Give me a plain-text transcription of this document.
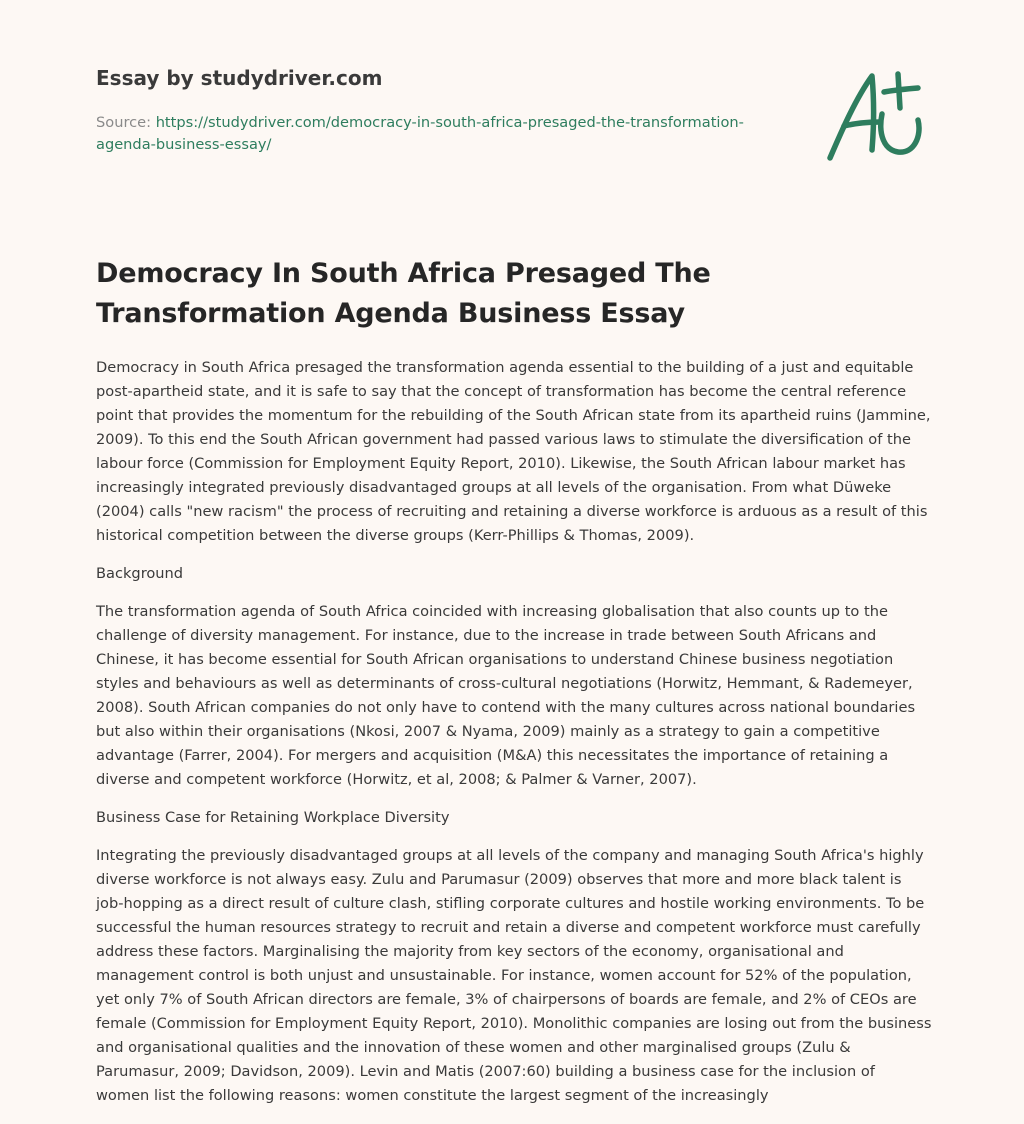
Essay by studydriver.com
Source: https://studydriver.com/democracy-in-south-africa-presaged-the-transformation-
agenda-business-essay/
Democracy In South Africa Presaged The Transformation Agenda Business Essay

Democracy in South Africa presaged the transformation agenda essential to the building of a just and equitable post-apartheid state, and it is safe to say that the concept of transformation has become the central reference point that provides the momentum for the rebuilding of the South African state from its apartheid ruins (Jammine, 2009). To this end the South African government had passed various laws to stimulate the diversification of the labour force (Commission for Employment Equity Report, 2010). Likewise, the South African labour market has increasingly integrated previously disadvantaged groups at all levels of the organisation. From what Düweke (2004) calls "new racism" the process of recruiting and retaining a diverse workforce is arduous as a result of this historical competition between the diverse groups (Kerr-Phillips & Thomas, 2009).

Background

The transformation agenda of South Africa coincided with increasing globalisation that also counts up to the challenge of diversity management. For instance, due to the increase in trade between South Africans and Chinese, it has become essential for South African organisations to understand Chinese business negotiation styles and behaviours as well as determinants of cross-cultural negotiations (Horwitz, Hemmant, & Rademeyer, 2008). South African companies do not only have to contend with the many cultures across national boundaries but also within their organisations (Nkosi, 2007 & Nyama, 2009) mainly as a strategy to gain a competitive advantage (Farrer, 2004). For mergers and acquisition (M&A) this necessitates the importance of retaining a diverse and competent workforce (Horwitz, et al, 2008; & Palmer & Varner, 2007).

Business Case for Retaining Workplace Diversity

Integrating the previously disadvantaged groups at all levels of the company and managing South Africa's highly diverse workforce is not always easy. Zulu and Parumasur (2009) observes that more and more black talent is job-hopping as a direct result of culture clash, stifling corporate cultures and hostile working environments. To be successful the human resources strategy to recruit and retain a diverse and competent workforce must carefully address these factors. Marginalising the majority from key sectors of the economy, organisational and management control is both unjust and unsustainable. For instance, women account for 52% of the population, yet only 7% of South African directors are female, 3% of chairpersons of boards are female, and 2% of CEOs are female (Commission for Employment Equity Report, 2010). Monolithic companies are losing out from the business and organisational qualities and the innovation of these women and other marginalised groups (Zulu & Parumasur, 2009; Davidson, 2009). Levin and Matis (2007:60) building a business case for the inclusion of women list the following reasons: women constitute the largest segment of the increasingly
